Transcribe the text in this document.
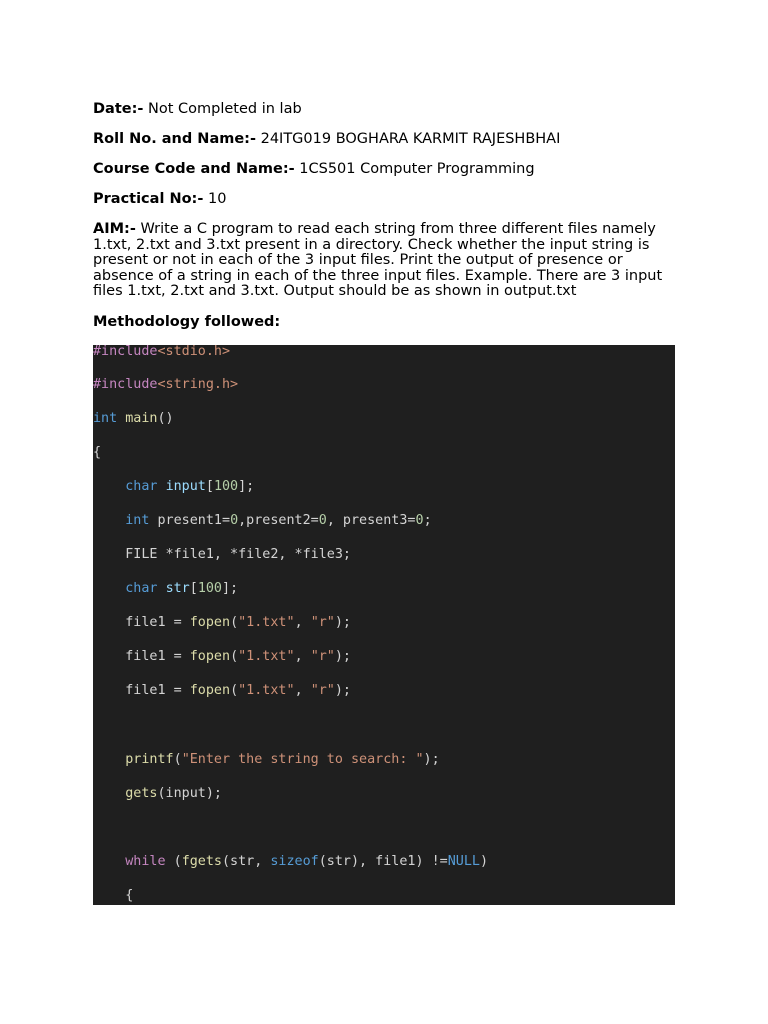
Date:- Not Completed in lab
Roll No. and Name:- 24ITG019 BOGHARA KARMIT RAJESHBHAI
Course Code and Name:- 1CS501 Computer Programming
Practical No:- 10
AIM:- Write a C program to read each string from three different files namely 1.txt, 2.txt and 3.txt present in a directory. Check whether the input string is present or not in each of the 3 input files. Print the output of presence or absence of a string in each of the three input files. Example. There are 3 input files 1.txt, 2.txt and 3.txt. Output should be as shown in output.txt
Methodology followed:
#include<stdio.h>
#include<string.h>
int main()
{
char input[100];
int present1=0,present2=0, present3=0;
FILE *file1, *file2, *file3;
char str[100];
file1 = fopen("1.txt", "r");
file1 = fopen("1.txt", "r");
file1 = fopen("1.txt", "r");
printf("Enter the string to search: ");
gets(input);
while (fgets(str, sizeof(str), file1) !=NULL)
{
